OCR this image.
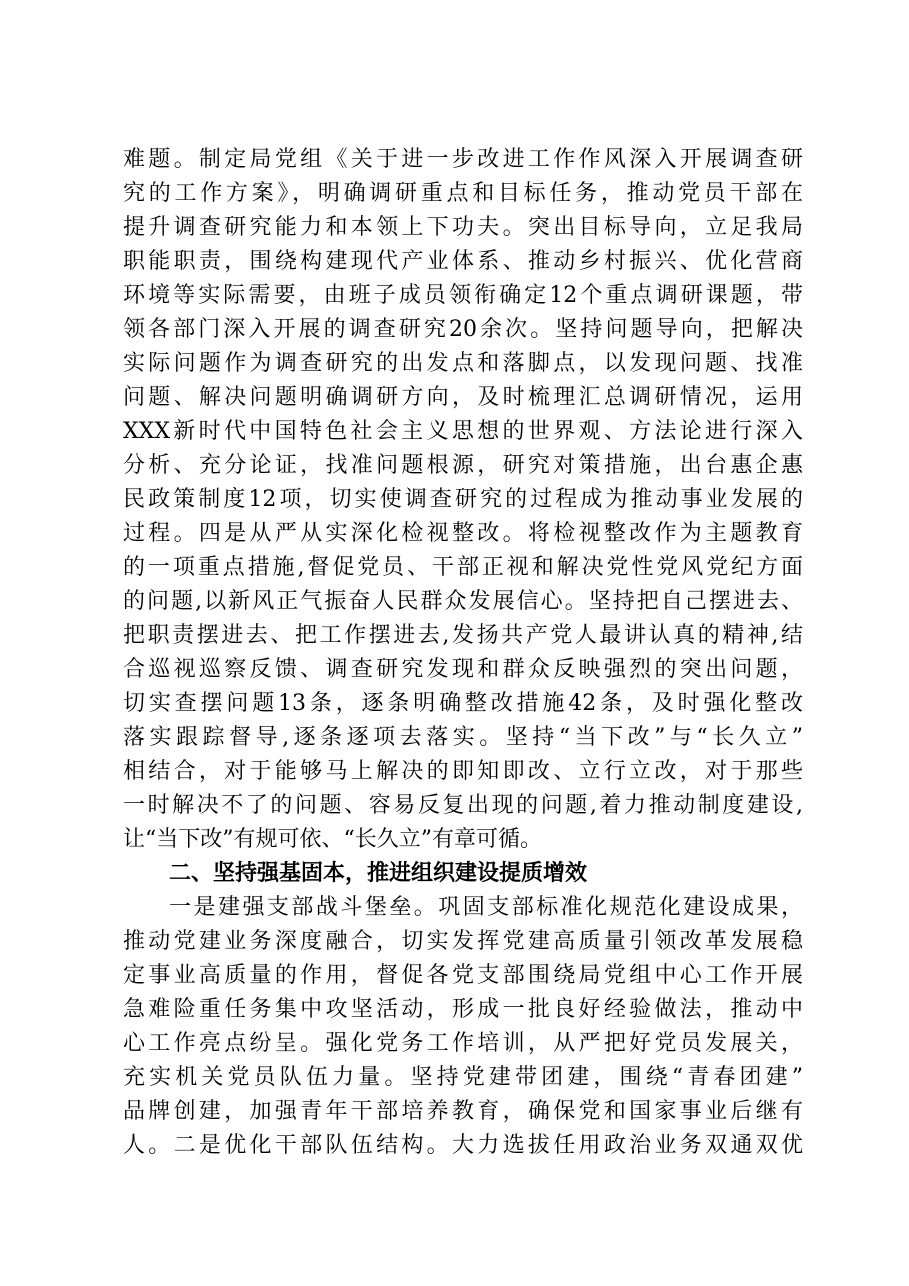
难题。制定局党组《关于进一步改进工作作风深入开展调查研
究的工作方案》，明确调研重点和目标任务，推动党员干部在
提升调查研究能力和本领上下功夫。突出目标导向，立足我局
职能职责，围绕构建现代产业体系、推动乡村振兴、优化营商
环境等实际需要，由班子成员领衔确定12个重点调研课题，带
领各部门深入开展的调查研究20余次。坚持问题导向，把解决
实际问题作为调查研究的出发点和落脚点，以发现问题、找准
问题、解决问题明确调研方向，及时梳理汇总调研情况，运用
XXX新时代中国特色社会主义思想的世界观、方法论进行深入
分析、充分论证，找准问题根源，研究对策措施，出台惠企惠
民政策制度12项，切实使调查研究的过程成为推动事业发展的
过程。四是从严从实深化检视整改。将检视整改作为主题教育
的一项重点措施,督促党员、干部正视和解决党性党风党纪方面
的问题,以新风正气振奋人民群众发展信心。坚持把自己摆进去、
把职责摆进去、把工作摆进去,发扬共产党人最讲认真的精神,结
合巡视巡察反馈、调查研究发现和群众反映强烈的突出问题，
切实查摆问题13条，逐条明确整改措施42条，及时强化整改
落实跟踪督导,逐条逐项去落实。坚持“当下改”与“长久立”
相结合，对于能够马上解决的即知即改、立行立改，对于那些
一时解决不了的问题、容易反复出现的问题,着力推动制度建设,
让“当下改”有规可依、“长久立”有章可循。
二、坚持强基固本，推进组织建设提质增效
一是建强支部战斗堡垒。巩固支部标准化规范化建设成果，
推动党建业务深度融合，切实发挥党建高质量引领改革发展稳
定事业高质量的作用，督促各党支部围绕局党组中心工作开展
急难险重任务集中攻坚活动，形成一批良好经验做法，推动中
心工作亮点纷呈。强化党务工作培训，从严把好党员发展关，
充实机关党员队伍力量。坚持党建带团建，围绕“青春团建”
品牌创建，加强青年干部培养教育，确保党和国家事业后继有
人。二是优化干部队伍结构。大力选拔任用政治业务双通双优
